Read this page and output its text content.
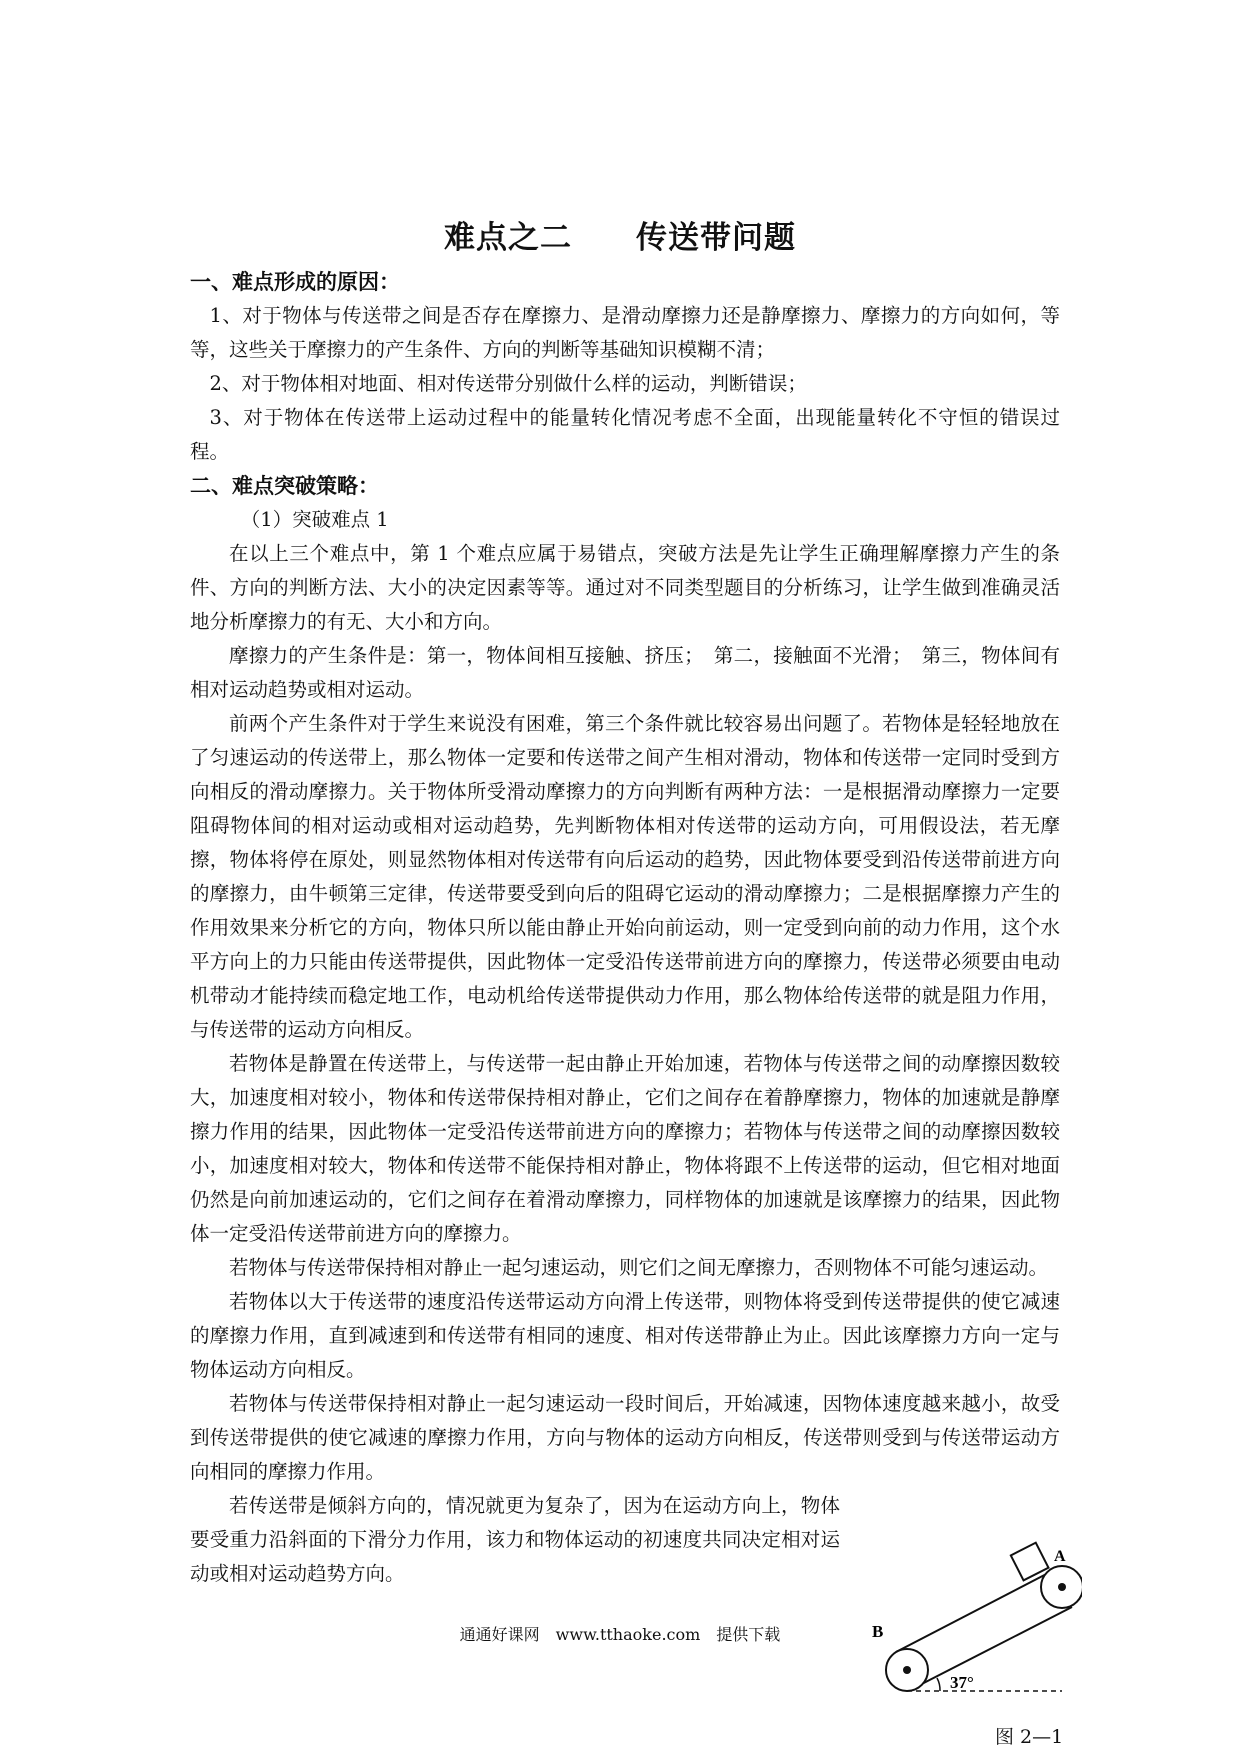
难点之二　　传送带问题

一、难点形成的原因：

1、对于物体与传送带之间是否存在摩擦力、是滑动摩擦力还是静摩擦力、摩擦力的方向如何，等等，这些关于摩擦力的产生条件、方向的判断等基础知识模糊不清；

2、对于物体相对地面、相对传送带分别做什么样的运动，判断错误；

3、对于物体在传送带上运动过程中的能量转化情况考虑不全面，出现能量转化不守恒的错误过程。

二、难点突破策略：

（1）突破难点 1

在以上三个难点中，第 1 个难点应属于易错点，突破方法是先让学生正确理解摩擦力产生的条件、方向的判断方法、大小的决定因素等等。通过对不同类型题目的分析练习，让学生做到准确灵活地分析摩擦力的有无、大小和方向。

摩擦力的产生条件是：第一，物体间相互接触、挤压；　第二，接触面不光滑；　第三，物体间有相对运动趋势或相对运动。

前两个产生条件对于学生来说没有困难，第三个条件就比较容易出问题了。若物体是轻轻地放在了匀速运动的传送带上，那么物体一定要和传送带之间产生相对滑动，物体和传送带一定同时受到方向相反的滑动摩擦力。关于物体所受滑动摩擦力的方向判断有两种方法：一是根据滑动摩擦力一定要阻碍物体间的相对运动或相对运动趋势，先判断物体相对传送带的运动方向，可用假设法，若无摩擦，物体将停在原处，则显然物体相对传送带有向后运动的趋势，因此物体要受到沿传送带前进方向的摩擦力，由牛顿第三定律，传送带要受到向后的阻碍它运动的滑动摩擦力；二是根据摩擦力产生的作用效果来分析它的方向，物体只所以能由静止开始向前运动，则一定受到向前的动力作用，这个水平方向上的力只能由传送带提供，因此物体一定受沿传送带前进方向的摩擦力，传送带必须要由电动机带动才能持续而稳定地工作，电动机给传送带提供动力作用，那么物体给传送带的就是阻力作用，与传送带的运动方向相反。

若物体是静置在传送带上，与传送带一起由静止开始加速，若物体与传送带之间的动摩擦因数较大，加速度相对较小，物体和传送带保持相对静止，它们之间存在着静摩擦力，物体的加速就是静摩擦力作用的结果，因此物体一定受沿传送带前进方向的摩擦力；若物体与传送带之间的动摩擦因数较小，加速度相对较大，物体和传送带不能保持相对静止，物体将跟不上传送带的运动，但它相对地面仍然是向前加速运动的，它们之间存在着滑动摩擦力，同样物体的加速就是该摩擦力的结果，因此物体一定受沿传送带前进方向的摩擦力。

若物体与传送带保持相对静止一起匀速运动，则它们之间无摩擦力，否则物体不可能匀速运动。

若物体以大于传送带的速度沿传送带运动方向滑上传送带，则物体将受到传送带提供的使它减速的摩擦力作用，直到减速到和传送带有相同的速度、相对传送带静止为止。因此该摩擦力方向一定与物体运动方向相反。

若物体与传送带保持相对静止一起匀速运动一段时间后，开始减速，因物体速度越来越小，故受到传送带提供的使它减速的摩擦力作用，方向与物体的运动方向相反，传送带则受到与传送带运动方向相同的摩擦力作用。

若传送带是倾斜方向的，情况就更为复杂了，因为在运动方向上，物体要受重力沿斜面的下滑分力作用，该力和物体运动的初速度共同决定相对运动或相对运动趋势方向。

A
B
37°
图 2—1
通通好课网　www.tthaoke.com　提供下载
